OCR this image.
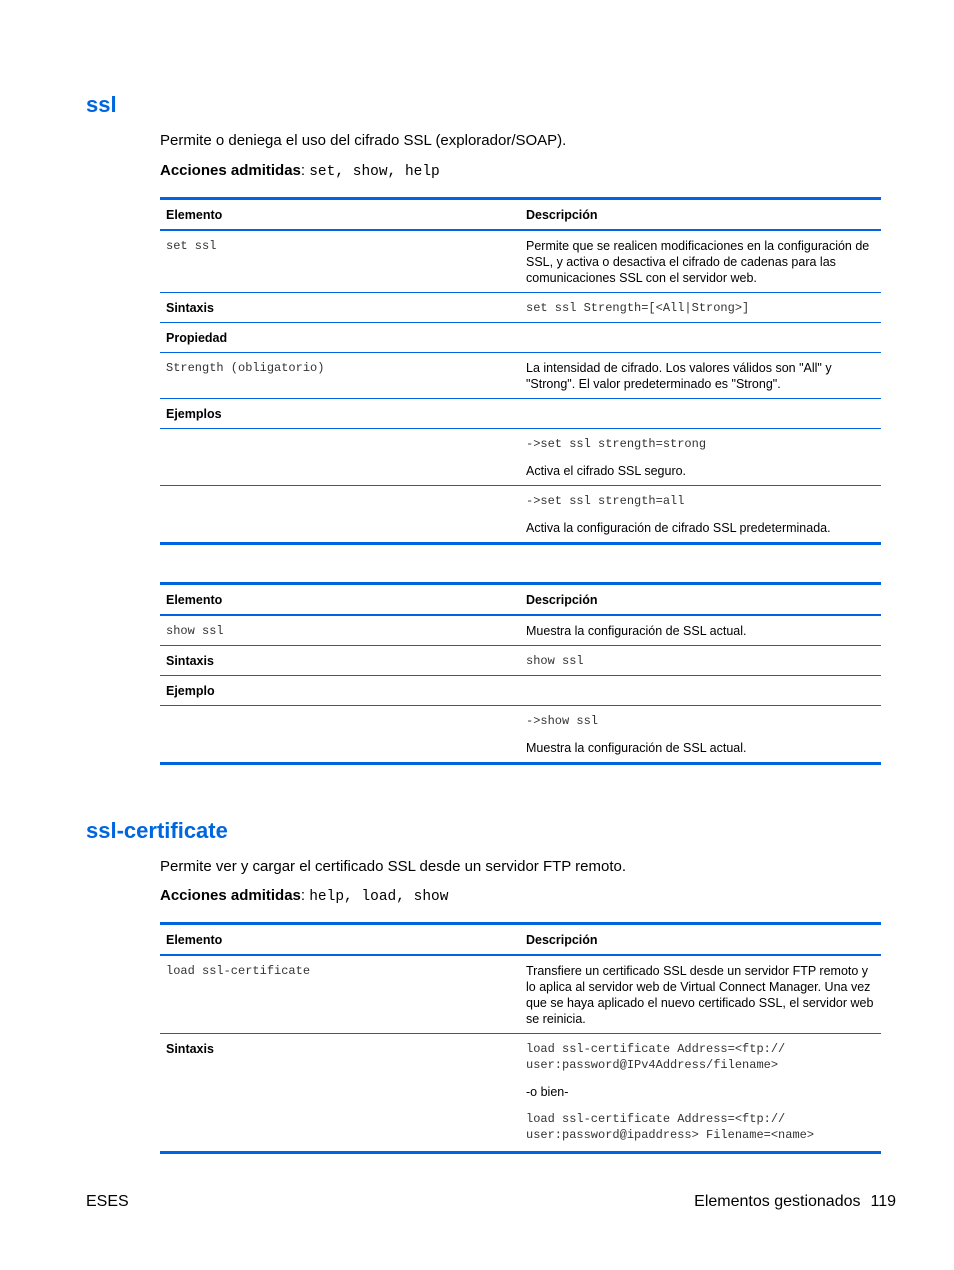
ssl
Permite o deniega el uso del cifrado SSL (explorador/SOAP).
Acciones admitidas: set, show, help
Elemento	Descripción
set ssl	Permite que se realicen modificaciones en la configuración de SSL, y activa o desactiva el cifrado de cadenas para las comunicaciones SSL con el servidor web.
Sintaxis	set ssl Strength=[<All|Strong>]
Propiedad	
Strength (obligatorio)	La intensidad de cifrado. Los valores válidos son "All" y "Strong". El valor predeterminado es "Strong".
Ejemplos	

	->set ssl strength=strong

Activa el cifrado SSL seguro.

	->set ssl strength=all

Activa la configuración de cifrado SSL predeterminada.

Elemento	Descripción
show ssl	Muestra la configuración de SSL actual.
Sintaxis	show ssl
Ejemplo	

	->show ssl

Muestra la configuración de SSL actual.

ssl-certificate
Permite ver y cargar el certificado SSL desde un servidor FTP remoto.
Acciones admitidas: help, load, show
Elemento	Descripción
load ssl-certificate	Transfiere un certificado SSL desde un servidor FTP remoto y lo aplica al servidor web de Virtual Connect Manager. Una vez que se haya aplicado el nuevo certificado SSL, el servidor web se reinicia.
Sintaxis	load ssl-certificate Address=<ftp://
user:password@IPv4Address/filename>

-o bien-

load ssl-certificate Address=<ftp://
user:password@ipaddress> Filename=<name>

ESES	Elementos gestionados 119
